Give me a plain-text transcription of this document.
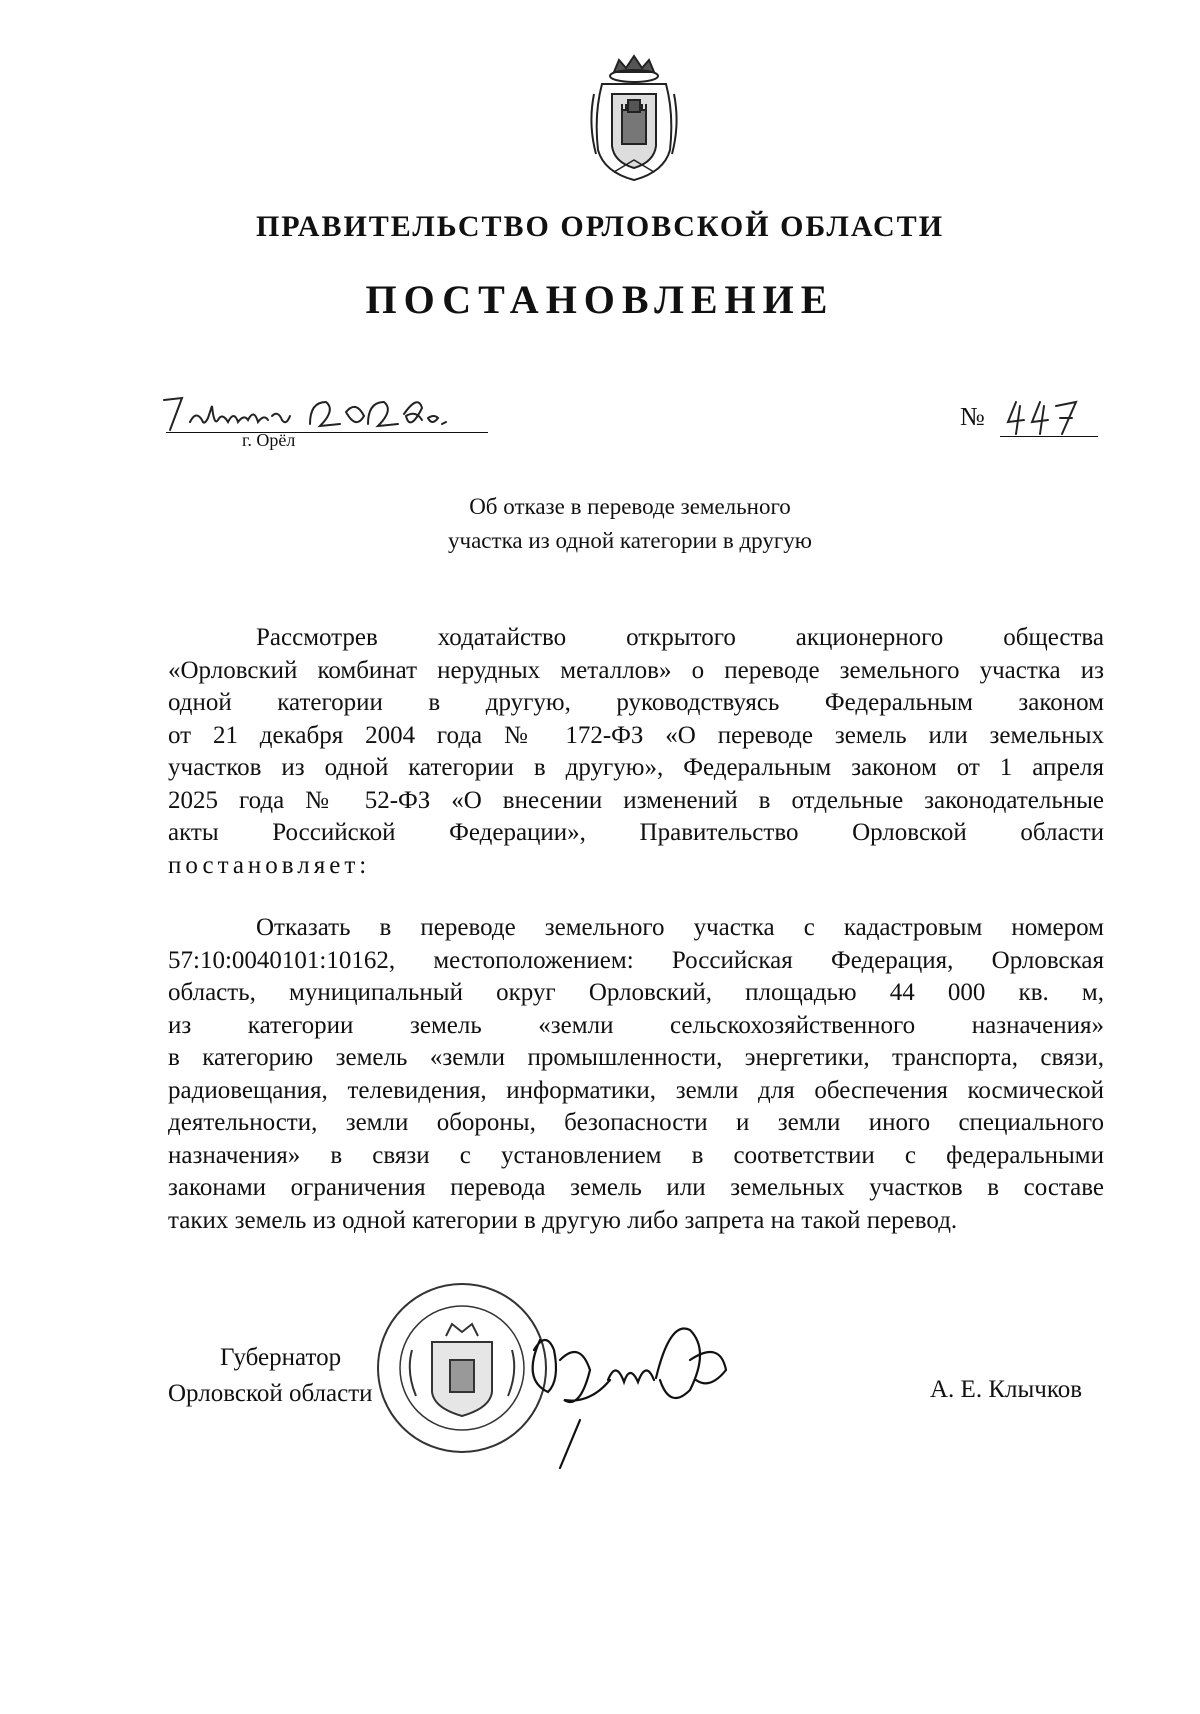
ПРАВИТЕЛЬСТВО ОРЛОВСКОЙ ОБЛАСТИ
ПОСТАНОВЛЕНИЕ
г. Орёл
№
Об отказе в переводе земельного
участка из одной категории в другую
Рассмотрев ходатайство открытого акционерного общества
«Орловский комбинат нерудных металлов» о переводе земельного участка из
одной категории в другую, руководствуясь Федеральным законом
от 21 декабря 2004 года № 172-ФЗ «О переводе земель или земельных
участков из одной категории в другую», Федеральным законом от 1 апреля
2025 года № 52-ФЗ «О внесении изменений в отдельные законодательные
акты Российской Федерации», Правительство Орловской области
постановляет:
Отказать в переводе земельного участка с кадастровым номером
57:10:0040101:10162, местоположением: Российская Федерация, Орловская
область, муниципальный округ Орловский, площадью 44 000 кв. м,
из категории земель «земли сельскохозяйственного назначения»
в категорию земель «земли промышленности, энергетики, транспорта, связи,
радиовещания, телевидения, информатики, земли для обеспечения космической
деятельности, земли обороны, безопасности и земли иного специального
назначения» в связи с установлением в соответствии с федеральными
законами ограничения перевода земель или земельных участков в составе
таких земель из одной категории в другую либо запрета на такой перевод.
Губернатор
Орловской области	А. Е. Клычков
